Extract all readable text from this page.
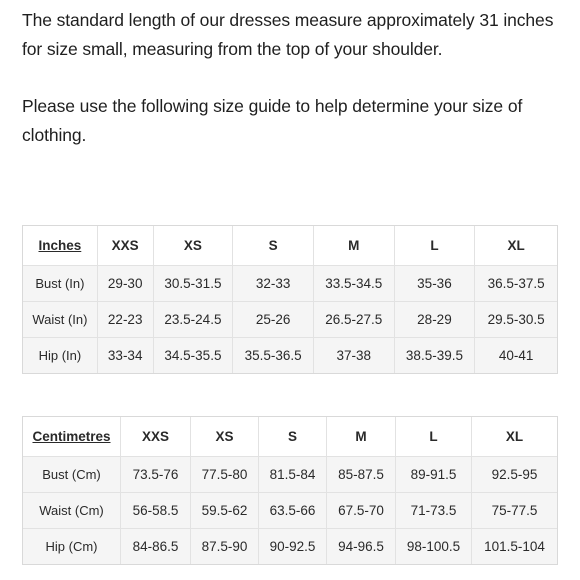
The standard length of our dresses measure approximately 31 inches for size small, measuring from the top of your shoulder.

Please use the following size guide to help determine your size of clothing.

Inches	XXS	XS	S	M	L	XL
Bust (In)	29-30	30.5-31.5	32-33	33.5-34.5	35-36	36.5-37.5
Waist (In)	22-23	23.5-24.5	25-26	26.5-27.5	28-29	29.5-30.5
Hip (In)	33-34	34.5-35.5	35.5-36.5	37-38	38.5-39.5	40-41
Centimetres	XXS	XS	S	M	L	XL
Bust (Cm)	73.5-76	77.5-80	81.5-84	85-87.5	89-91.5	92.5-95
Waist (Cm)	56-58.5	59.5-62	63.5-66	67.5-70	71-73.5	75-77.5
Hip (Cm)	84-86.5	87.5-90	90-92.5	94-96.5	98-100.5	101.5-104
